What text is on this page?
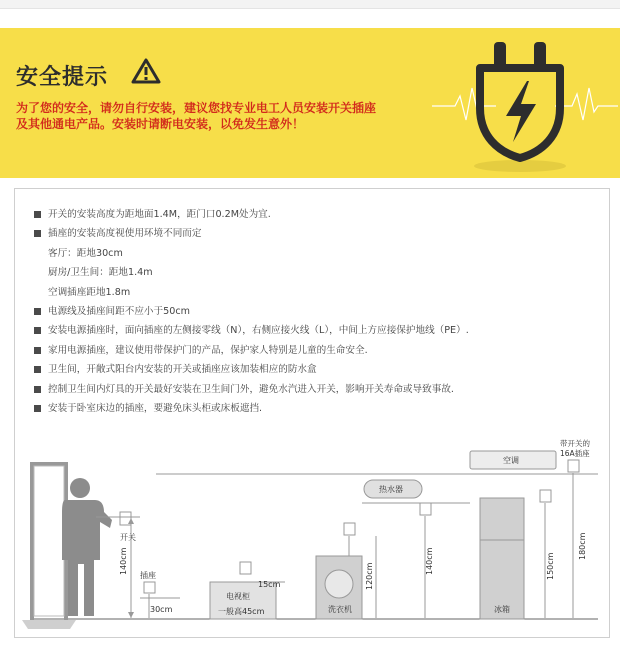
安全提示
为了您的安全，请勿自行安装，建议您找专业电工人员安装开关插座
及其他通电产品。安装时请断电安装，以免发生意外！
开关的安装高度为距地面1.4M，距门口0.2M处为宜.
插座的安装高度视使用环境不同而定
客厅：距地30cm
厨房/卫生间：距地1.4m
空调插座距地1.8m
电源线及插座间距不应小于50cm
安装电源插座时，面向插座的左侧接零线（N），右侧应接火线（L），中间上方应接保护地线（PE）.
家用电源插座，建议使用带保护门的产品，保护家人特别是儿童的生命安全.
卫生间，开敞式阳台内安装的开关或插座应该加装相应的防水盒
控制卫生间内灯具的开关最好安装在卫生间门外，避免水汽进入开关，影响开关寿命或导致事故.
安装于卧室床边的插座，要避免床头柜或床板遮挡.
开关
140cm
插座
30cm
15cm
电视柜
一般高45cm	洗衣机
120cm
热水器
140cm
冰箱
150cm
空调
带开关的
16A插座
180cm
